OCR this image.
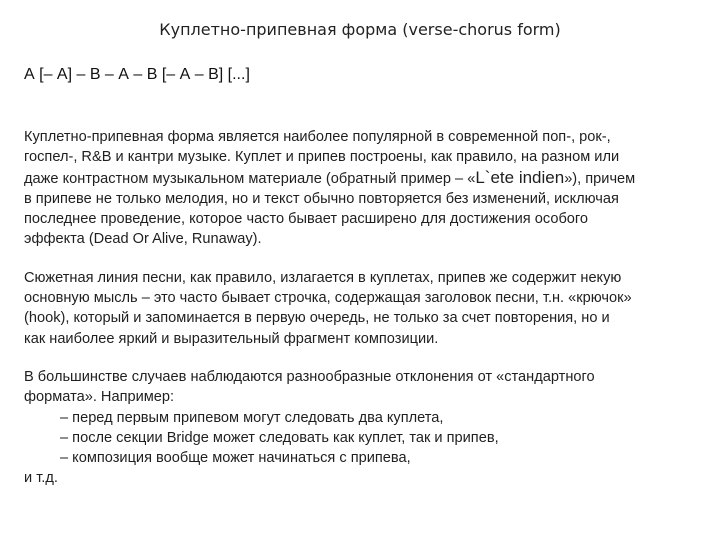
Куплетно-припевная форма (verse-chorus form)
А [– А] – В – А – В [– А – В] [...]

Куплетно-припевная форма является наиболее популярной в современной поп-, рок-,

госпел-, R&B и кантри музыке. Куплет и припев построены, как правило, на разном или

даже контрастном музыкальном материале (обратный пример – «L`ete indien»), причем

в припеве не только мелодия, но и текст обычно повторяется без изменений, исключая

последнее проведение, которое часто бывает расширено для достижения особого

эффекта (Dead Or Alive, Runaway).

Сюжетная линия песни, как правило, излагается в куплетах, припев же содержит некую

основную мысль – это часто бывает строчка, содержащая заголовок песни, т.н. «крючок»

(hook), который и запоминается в первую очередь, не только за счет повторения, но и

как наиболее яркий и выразительный фрагмент композиции.

В большинстве случаев наблюдаются разнообразные отклонения от «стандартного

формата». Например:

– перед первым припевом могут следовать два куплета,

– после секции Bridge может следовать как куплет, так и припев,

– композиция вообще может начинаться с припева,

и т.д.
